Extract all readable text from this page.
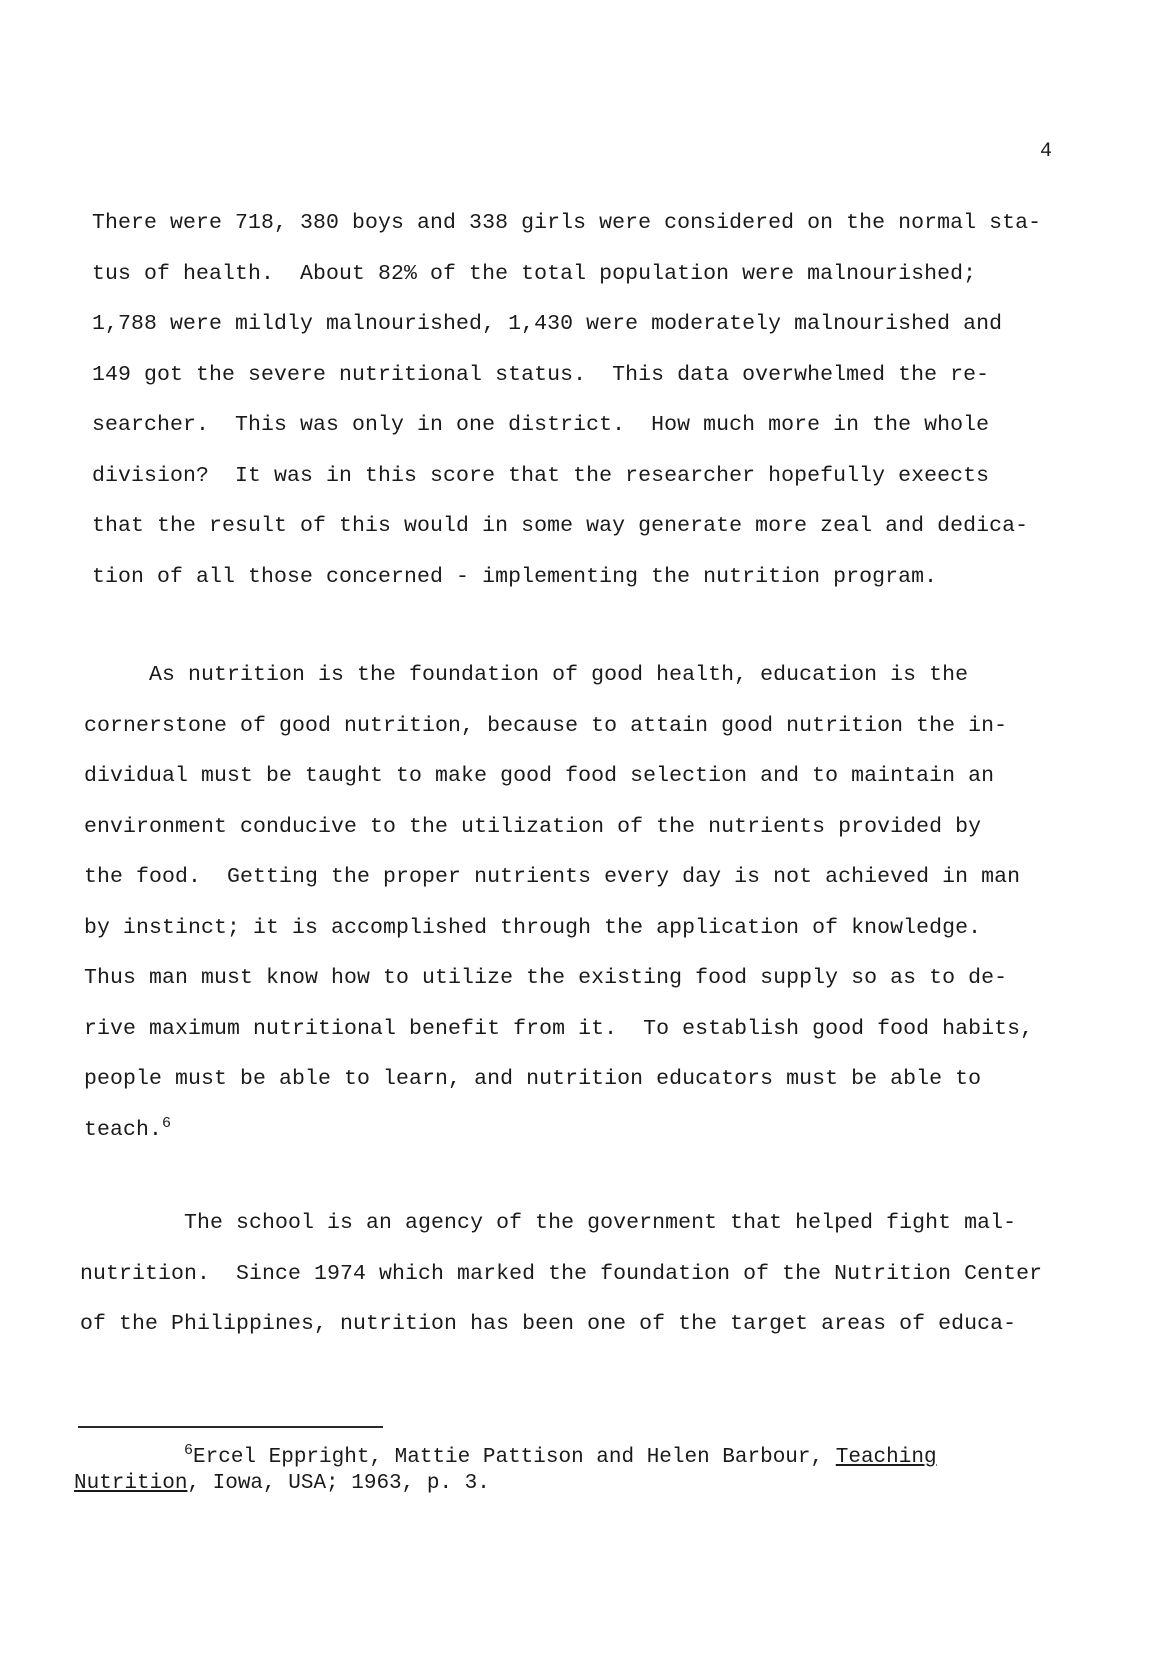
4

There were 718, 380 boys and 338 girls were considered on the normal sta-
tus of health.  About 82% of the total population were malnourished;
1,788 were mildly malnourished, 1,430 were moderately malnourished and
149 got the severe nutritional status.  This data overwhelmed the re-
searcher.  This was only in one district.  How much more in the whole
division?  It was in this score that the researcher hopefully exeects
that the result of this would in some way generate more zeal and dedica-
tion of all those concerned - implementing the nutrition program.

As nutrition is the foundation of good health, education is the
cornerstone of good nutrition, because to attain good nutrition the in-
dividual must be taught to make good food selection and to maintain an
environment conducive to the utilization of the nutrients provided by
the food.  Getting the proper nutrients every day is not achieved in man
by instinct; it is accomplished through the application of knowledge.
Thus man must know how to utilize the existing food supply so as to de-
rive maximum nutritional benefit from it.  To establish good food habits,
people must be able to learn, and nutrition educators must be able to
teach.$^6$

The school is an agency of the government that helped fight mal-
nutrition.  Since 1974 which marked the foundation of the Nutrition Center
of the Philippines, nutrition has been one of the target areas of educa-

$^6$Ercel Eppright, Mattie Pattison and Helen Barbour, Teaching
Nutrition, Iowa, USA; 1963, p. 3.
